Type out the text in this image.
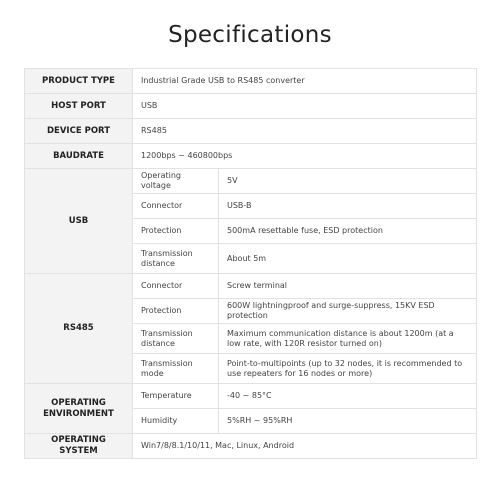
Specifications
PRODUCT TYPE	Industrial Grade USB to RS485 converter	
HOST PORT	USB	
DEVICE PORT	RS485	
BAUDRATE	1200bps ~ 460800bps	
USB	Operating voltage	5V
	Connector	USB-B
	Protection	500mA resettable fuse, ESD protection
	Transmission distance	About 5m
RS485	Connector	Screw terminal
	Protection	600W lightningproof and surge-suppress, 15KV ESD protection
	Transmission distance	Maximum communication distance is about 1200m (at a low rate, with 120R resistor turned on)
	Transmission mode	Point-to-multipoints (up to 32 nodes, it is recommended to use repeaters for 16 nodes or more)
OPERATING ENVIRONMENT	Temperature	-40 ~ 85°C
	Humidity	5%RH ~ 95%RH
OPERATING SYSTEM	Win7/8/8.1/10/11, Mac, Linux, Android	
